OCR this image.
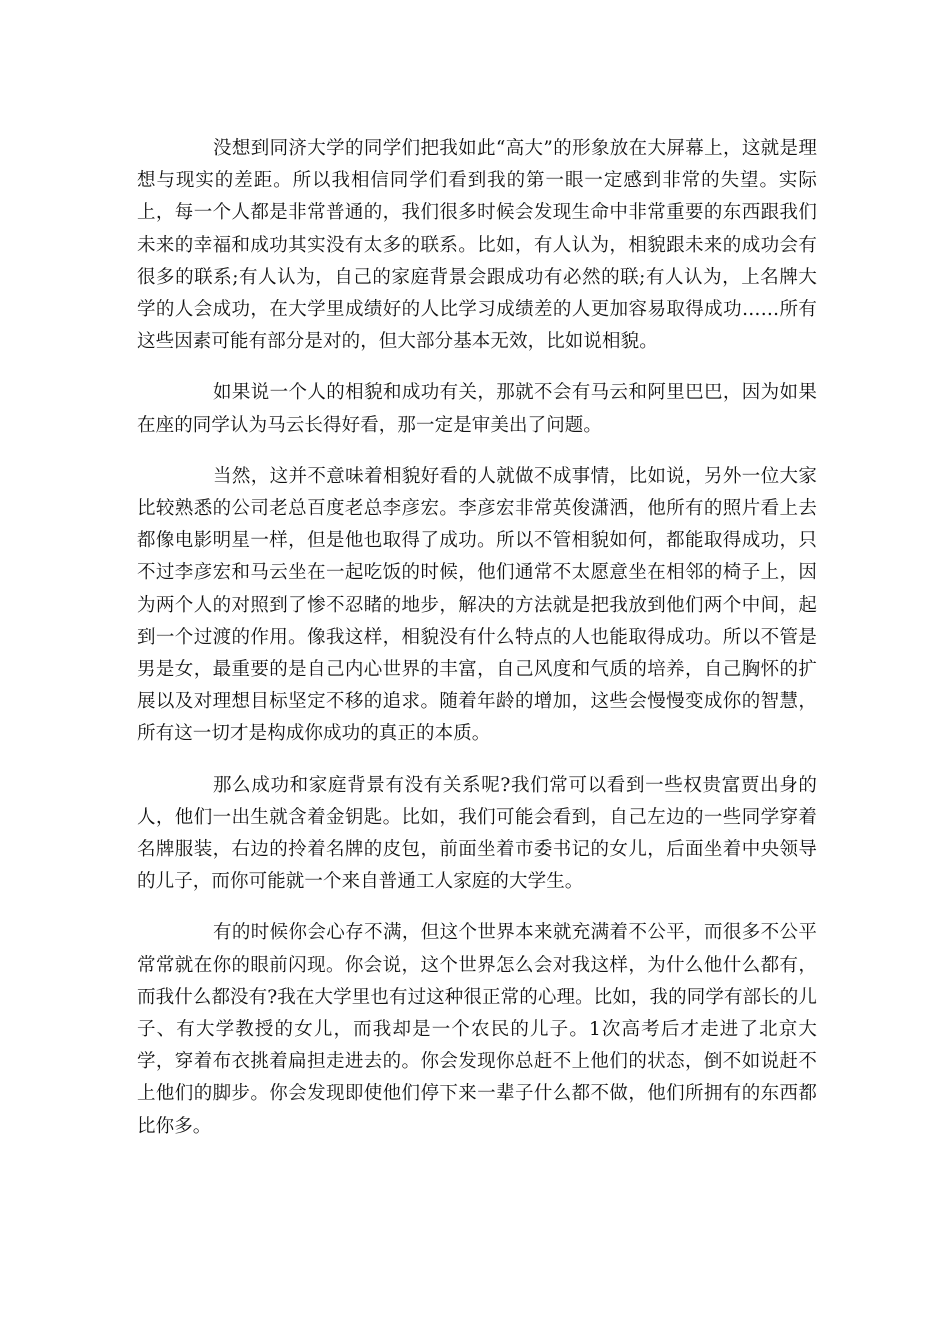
没想到同济大学的同学们把我如此“高大”的形象放在大屏幕上，这就是理想与现实的差距。所以我相信同学们看到我的第一眼一定感到非常的失望。实际上，每一个人都是非常普通的，我们很多时候会发现生命中非常重要的东西跟我们未来的幸福和成功其实没有太多的联系。比如，有人认为，相貌跟未来的成功会有很多的联系;有人认为，自己的家庭背景会跟成功有必然的联;有人认为，上名牌大学的人会成功，在大学里成绩好的人比学习成绩差的人更加容易取得成功……所有这些因素可能有部分是对的，但大部分基本无效，比如说相貌。

如果说一个人的相貌和成功有关，那就不会有马云和阿里巴巴，因为如果在座的同学认为马云长得好看，那一定是审美出了问题。

当然，这并不意味着相貌好看的人就做不成事情，比如说，另外一位大家比较熟悉的公司老总百度老总李彦宏。李彦宏非常英俊潇洒，他所有的照片看上去都像电影明星一样，但是他也取得了成功。所以不管相貌如何，都能取得成功，只不过李彦宏和马云坐在一起吃饭的时候，他们通常不太愿意坐在相邻的椅子上，因为两个人的对照到了惨不忍睹的地步，解决的方法就是把我放到他们两个中间，起到一个过渡的作用。像我这样，相貌没有什么特点的人也能取得成功。所以不管是男是女，最重要的是自己内心世界的丰富，自己风度和气质的培养，自己胸怀的扩展以及对理想目标坚定不移的追求。随着年龄的增加，这些会慢慢变成你的智慧，所有这一切才是构成你成功的真正的本质。

那么成功和家庭背景有没有关系呢?我们常可以看到一些权贵富贾出身的人，他们一出生就含着金钥匙。比如，我们可能会看到，自己左边的一些同学穿着名牌服装，右边的拎着名牌的皮包，前面坐着市委书记的女儿，后面坐着中央领导的儿子，而你可能就一个来自普通工人家庭的大学生。

有的时候你会心存不满，但这个世界本来就充满着不公平，而很多不公平常常就在你的眼前闪现。你会说，这个世界怎么会对我这样，为什么他什么都有，而我什么都没有?我在大学里也有过这种很正常的心理。比如，我的同学有部长的儿子、有大学教授的女儿，而我却是一个农民的儿子。1次高考后才走进了北京大学，穿着布衣挑着扁担走进去的。你会发现你总赶不上他们的状态，倒不如说赶不上他们的脚步。你会发现即使他们停下来一辈子什么都不做，他们所拥有的东西都比你多。
